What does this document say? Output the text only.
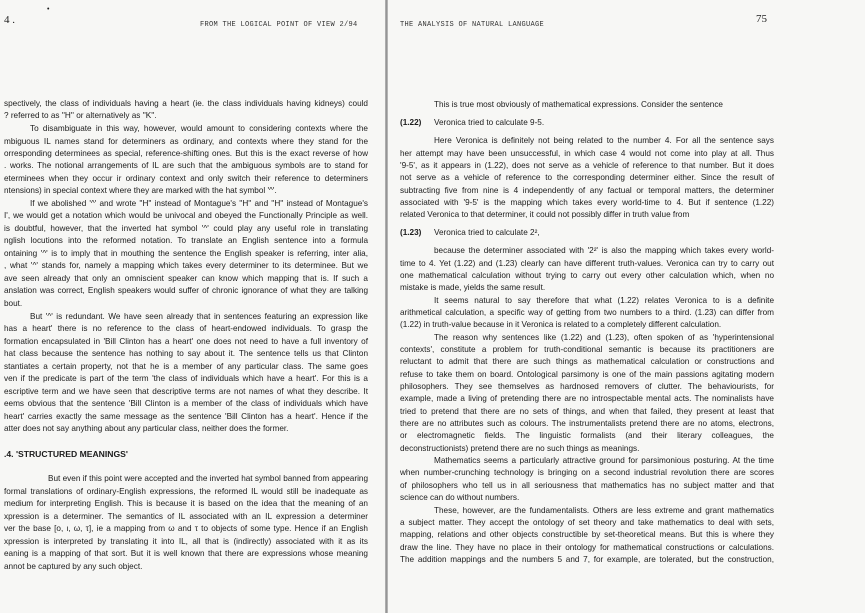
4 .
•
FROM THE LOGICAL POINT OF VIEW 2/94
spectively, the class of individuals having a heart (ie. the class individuals having kidneys) could
? referred to as ''H'' or alternatively as ''K''.
To disambiguate in this way, however, would amount to considering contexts where the
mbiguous IL names stand for determiners as ordinary, and contexts where they stand for the
orresponding determinees as special, reference-shifting ones. But this is the exact reverse of how
. works. The notional arrangements of IL are such that the ambiguous symbols are to stand for
eterminees when they occur ir ordinary context and only switch their reference to determiners
ntensions) in special context where they are marked with the hat symbol '^'.
If we abolished '^' and wrote ''H'' instead of Montague's ''H'' and ''H'' instead of Montague's
I', we would get a notation which would be univocal and obeyed the Functionally Principle as well.
is doubtful, however, that the inverted hat symbol '^' could play any useful role in translating
nglish locutions into the reformed notation. To translate an English sentence into a formula
ontaining '^' is to imply that in mouthing the sentence the English speaker is referring, inter alia,
, what '^' stands for, namely a mapping which takes every determiner to its determinee. But we
ave seen already that only an omniscient speaker can know which mapping that is. If such a
anslation was correct, English speakers would suffer of chronic ignorance of what they are talking
bout.
But '^' is redundant. We have seen already that in sentences featuring an expression like
has a heart' there is no reference to the class of heart-endowed individuals. To grasp the
formation encapsulated in 'Bill Clinton has a heart' one does not need to have a full inventory of
hat class because the sentence has nothing to say about it. The sentence tells us that Clinton
stantiates a certain property, not that he is a member of any particular class. The same goes
ven if the predicate is part of the term 'the class of individuals which have a heart'. For this is a
escriptive term and we have seen that descriptive terms are not names of what they describe. It
eems obvious that the sentence 'Bill Clinton is a member of the class of individuals which have
heart' carries exactly the same message as the sentence 'Bill Clinton has a heart'. Hence if the
atter does not say anything about any particular class, neither does the former.
.4. 'STRUCTURED MEANINGS'
But even if this point were accepted and the inverted hat symbol banned from appearing
formal translations of ordinary-English expressions, the reformed IL would still be inadequate as
medium for interpreting English. This is because it is based on the idea that the meaning of an
xpression is a determiner. The semantics of IL associated with an IL expression a determiner
ver the base [o, ι, ω, τ], ie a mapping from ω and τ to objects of some type. Hence if an English
xpression is interpreted by translating it into IL, all that is (indirectly) associated with it as its
eaning is a mapping of that sort. But it is well known that there are expressions whose meaning
annot be captured by any such object.
THE ANALYSIS OF NATURAL LANGUAGE	75
This is true most obviously of mathematical expressions. Consider the sentence
(1.22) Veronica tried to calculate 9-5.
Here Veronica is definitely not being related to the number 4. For all the sentence says
her attempt may have been unsuccessful, in which case 4 would not come into play at all. Thus
'9-5', as it appears in (1.22), does not serve as a vehicle of reference to that number. But it does
not serve as a vehicle of reference to the corresponding determiner either. Since the result of
subtracting five from nine is 4 independently of any factual or temporal matters, the determiner
associated with '9-5' is the mapping which takes every world-time to 4. But if sentence (1.22)
related Veronica to that determiner, it could not possibly differ in truth value from
(1.23) Veronica tried to calculate 2²,
because the determiner associated with '2²' is also the mapping which takes every world-
time to 4. Yet (1.22) and (1.23) clearly can have different truth-values. Veronica can try to carry out
one mathematical calculation without trying to carry out every other calculation which, when no
mistake is made, yields the same result.
It seems natural to say therefore that what (1.22) relates Veronica to is a definite
arithmetical calculation, a specific way of getting from two numbers to a third. (1.23) can differ from
(1.22) in truth-value because in it Veronica is related to a completely different calculation.
The reason why sentences like (1.22) and (1.23), often spoken of as 'hyperintensional
contexts', constitute a problem for truth-conditional semantic is because its practitioners are
reluctant to admit that there are such things as mathematical calculation or constructions and
refuse to take them on board. Ontological parsimony is one of the main passions agitating modern
philosophers. They see themselves as hardnosed removers of clutter. The behaviourists, for
example, made a living of pretending there are no introspectable mental acts. The nominalists have
tried to pretend that there are no sets of things, and when that failed, they present at least that
there are no attributes such as colours. The instrumentalists pretend there are no atoms, electrons,
or electromagnetic fields. The linguistic formalists (and their literary colleagues, the
deconstructionists) pretend there are no such things as meanings.
Mathematics seems a particularly attractive ground for parsimonious posturing. At the time
when number-crunching technology is bringing on a second industrial revolution there are scores
of philosophers who tell us in all seriousness that mathematics has no subject matter and that
science can do without numbers.
These, however, are the fundamentalists. Others are less extreme and grant mathematics
a subject matter. They accept the ontology of set theory and take mathematics to deal with sets,
mapping, relations and other objects constructible by set-theoretical means. But this is where they
draw the line. They have no place in their ontology for mathematical constructions or calculations.
The addition mappings and the numbers 5 and 7, for example, are tolerated, but the construction,
